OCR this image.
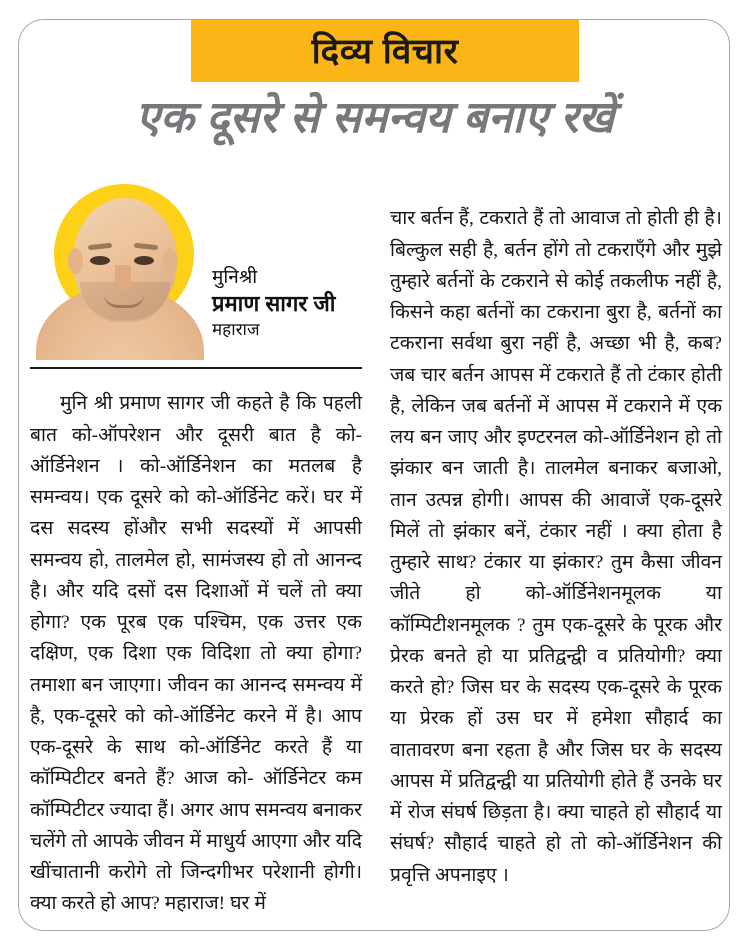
दिव्य विचार
एक दूसरे से समन्वय बनाए रखें
मुनिश्री
प्रमाण सागर जी
महाराज

मुनि श्री प्रमाण सागर जी कहते है कि पहली बात को-ऑपरेशन और दूसरी बात है को-ऑर्डिनेशन । को-ऑर्डिनेशन का मतलब है समन्वय। एक दूसरे को को-ऑर्डिनेट करें। घर में दस सदस्य होंऔर सभी सदस्यों में आपसी समन्वय हो, तालमेल हो, सामंजस्य हो तो आनन्द है। और यदि दसों दस दिशाओं में चलें तो क्या होगा? एक पूरब एक पश्चिम, एक उत्तर एक दक्षिण, एक दिशा एक विदिशा तो क्या होगा? तमाशा बन जाएगा। जीवन का आनन्द समन्वय में है, एक-दूसरे को को-ऑर्डिनेट करने में है। आप एक-दूसरे के साथ को-ऑर्डिनेट करते हैं या कॉम्पिटीटर बनते हैं? आज को- ऑर्डिनेटर कम कॉम्पिटीटर ज्यादा हैं। अगर आप समन्वय बनाकर चलेंगे तो आपके जीवन में माधुर्य आएगा और यदि खींचातानी करोगे तो जिन्दगीभर परेशानी होगी। क्या करते हो आप? महाराज! घर में

चार बर्तन हैं, टकराते हैं तो आवाज तो होती ही है। बिल्कुल सही है, बर्तन होंगे तो टकराएँगे और मुझे तुम्हारे बर्तनों के टकराने से कोई तकलीफ नहीं है, किसने कहा बर्तनों का टकराना बुरा है, बर्तनों का टकराना सर्वथा बुरा नहीं है, अच्छा भी है, कब? जब चार बर्तन आपस में टकराते हैं तो टंकार होती है, लेकिन जब बर्तनों में आपस में टकराने में एक लय बन जाए और इण्टरनल को-ऑर्डिनेशन हो तो झंकार बन जाती है। तालमेल बनाकर बजाओ, तान उत्पन्न होगी। आपस की आवाजें एक-दूसरे मिलें तो झंकार बनें, टंकार नहीं । क्या होता है तुम्हारे साथ? टंकार या झंकार? तुम कैसा जीवन जीते हो को-ऑर्डिनेशनमूलक या कॉम्पिटीशनमूलक ? तुम एक-दूसरे के पूरक और प्रेरक बनते हो या प्रतिद्वन्द्वी व प्रतियोगी? क्या करते हो? जिस घर के सदस्य एक-दूसरे के पूरक या प्रेरक हों उस घर में हमेशा सौहार्द का वातावरण बना रहता है और जिस घर के सदस्य आपस में प्रतिद्वन्द्वी या प्रतियोगी होते हैं उनके घर में रोज संघर्ष छिड़ता है। क्या चाहते हो सौहार्द या संघर्ष? सौहार्द चाहते हो तो को-ऑर्डिनेशन की प्रवृत्ति अपनाइए ।
